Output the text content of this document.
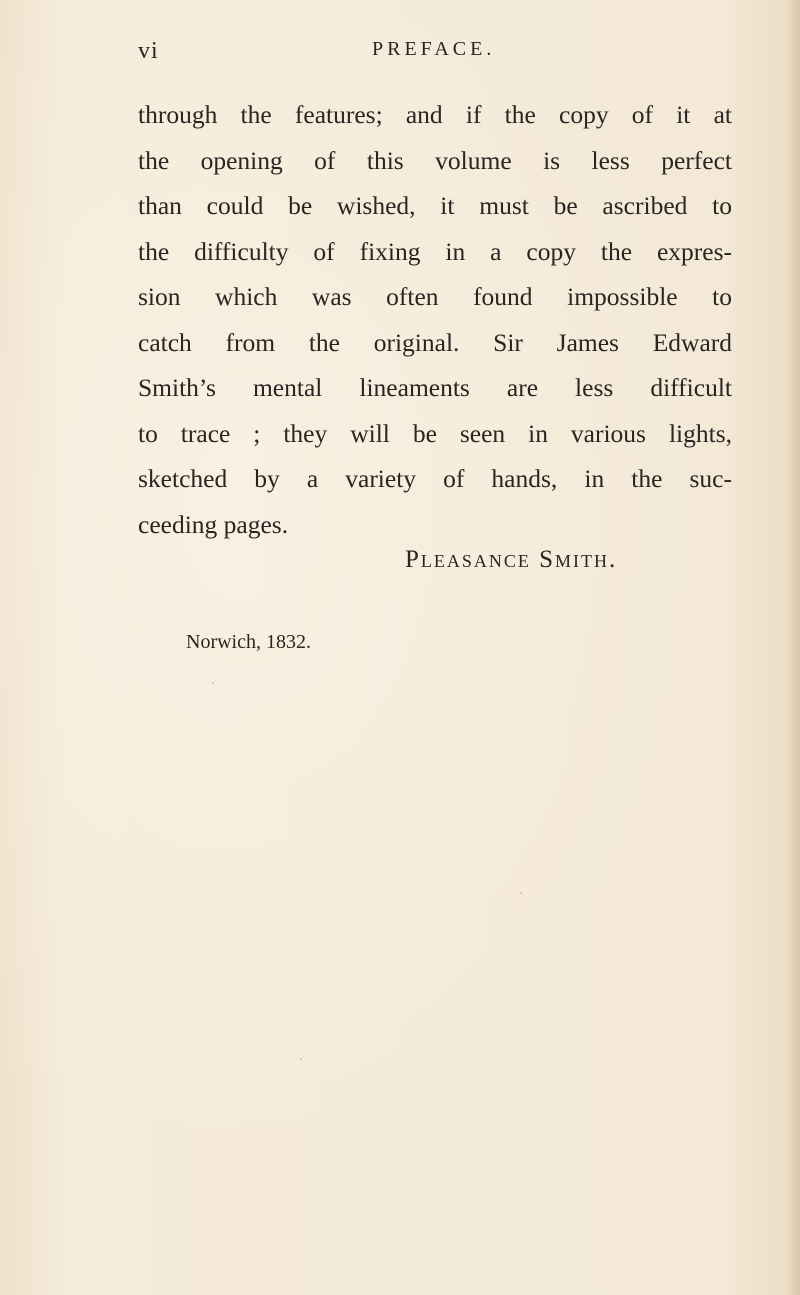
vi	PREFACE.
through the features; and if the copy of it at
the opening of this volume is less perfect
than could be wished, it must be ascribed to
the difficulty of fixing in a copy the expres-
sion which was often found impossible to
catch from the original. Sir James Edward
Smith’s mental lineaments are less difficult
to trace ; they will be seen in various lights,
sketched by a variety of hands, in the suc-
ceeding pages.
Pleasance Smith.
Norwich, 1832.
